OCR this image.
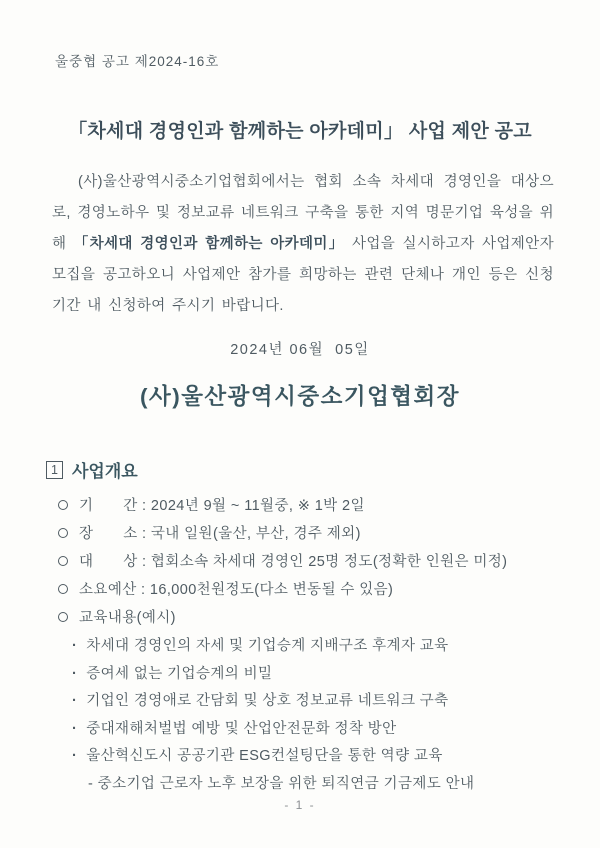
울중협 공고 제2024-16호
「차세대 경영인과 함께하는 아카데미」 사업 제안 공고

(사)울산광역시중소기업협회에서는 협회 소속 차세대 경영인을 대상으로, 경영노하우 및 정보교류 네트워크 구축을 통한 지역 명문기업 육성을 위해 「차세대 경영인과 함께하는 아카데미」 사업을 실시하고자 사업제안자 모집을 공고하오니 사업제안 참가를 희망하는 관련 단체나 개인 등은 신청기간 내 신청하여 주시기 바랍니다.

2024년 06월  05일
(사)울산광역시중소기업협회장
1 사업개요
기　　간 : 2024년 9월 ~ 11월중, ※ 1박 2일
장　　소 : 국내 일원(울산, 부산, 경주 제외)
대　　상 : 협회소속 차세대 경영인 25명 정도(정확한 인원은 미정)
소요예산 : 16,000천원정도(다소 변동될 수 있음)
교육내용(예시)
· 차세대 경영인의 자세 및 기업승계 지배구조 후계자 교육
· 증여세 없는 기업승계의 비밀
· 기업인 경영애로 간담회 및 상호 정보교류 네트워크 구축
· 중대재해처벌법 예방 및 산업안전문화 정착 방안
· 울산혁신도시 공공기관 ESG컨설팅단을 통한 역량 교육
- 중소기업 근로자 노후 보장을 위한 퇴직연금 기금제도 안내
- 1 -
